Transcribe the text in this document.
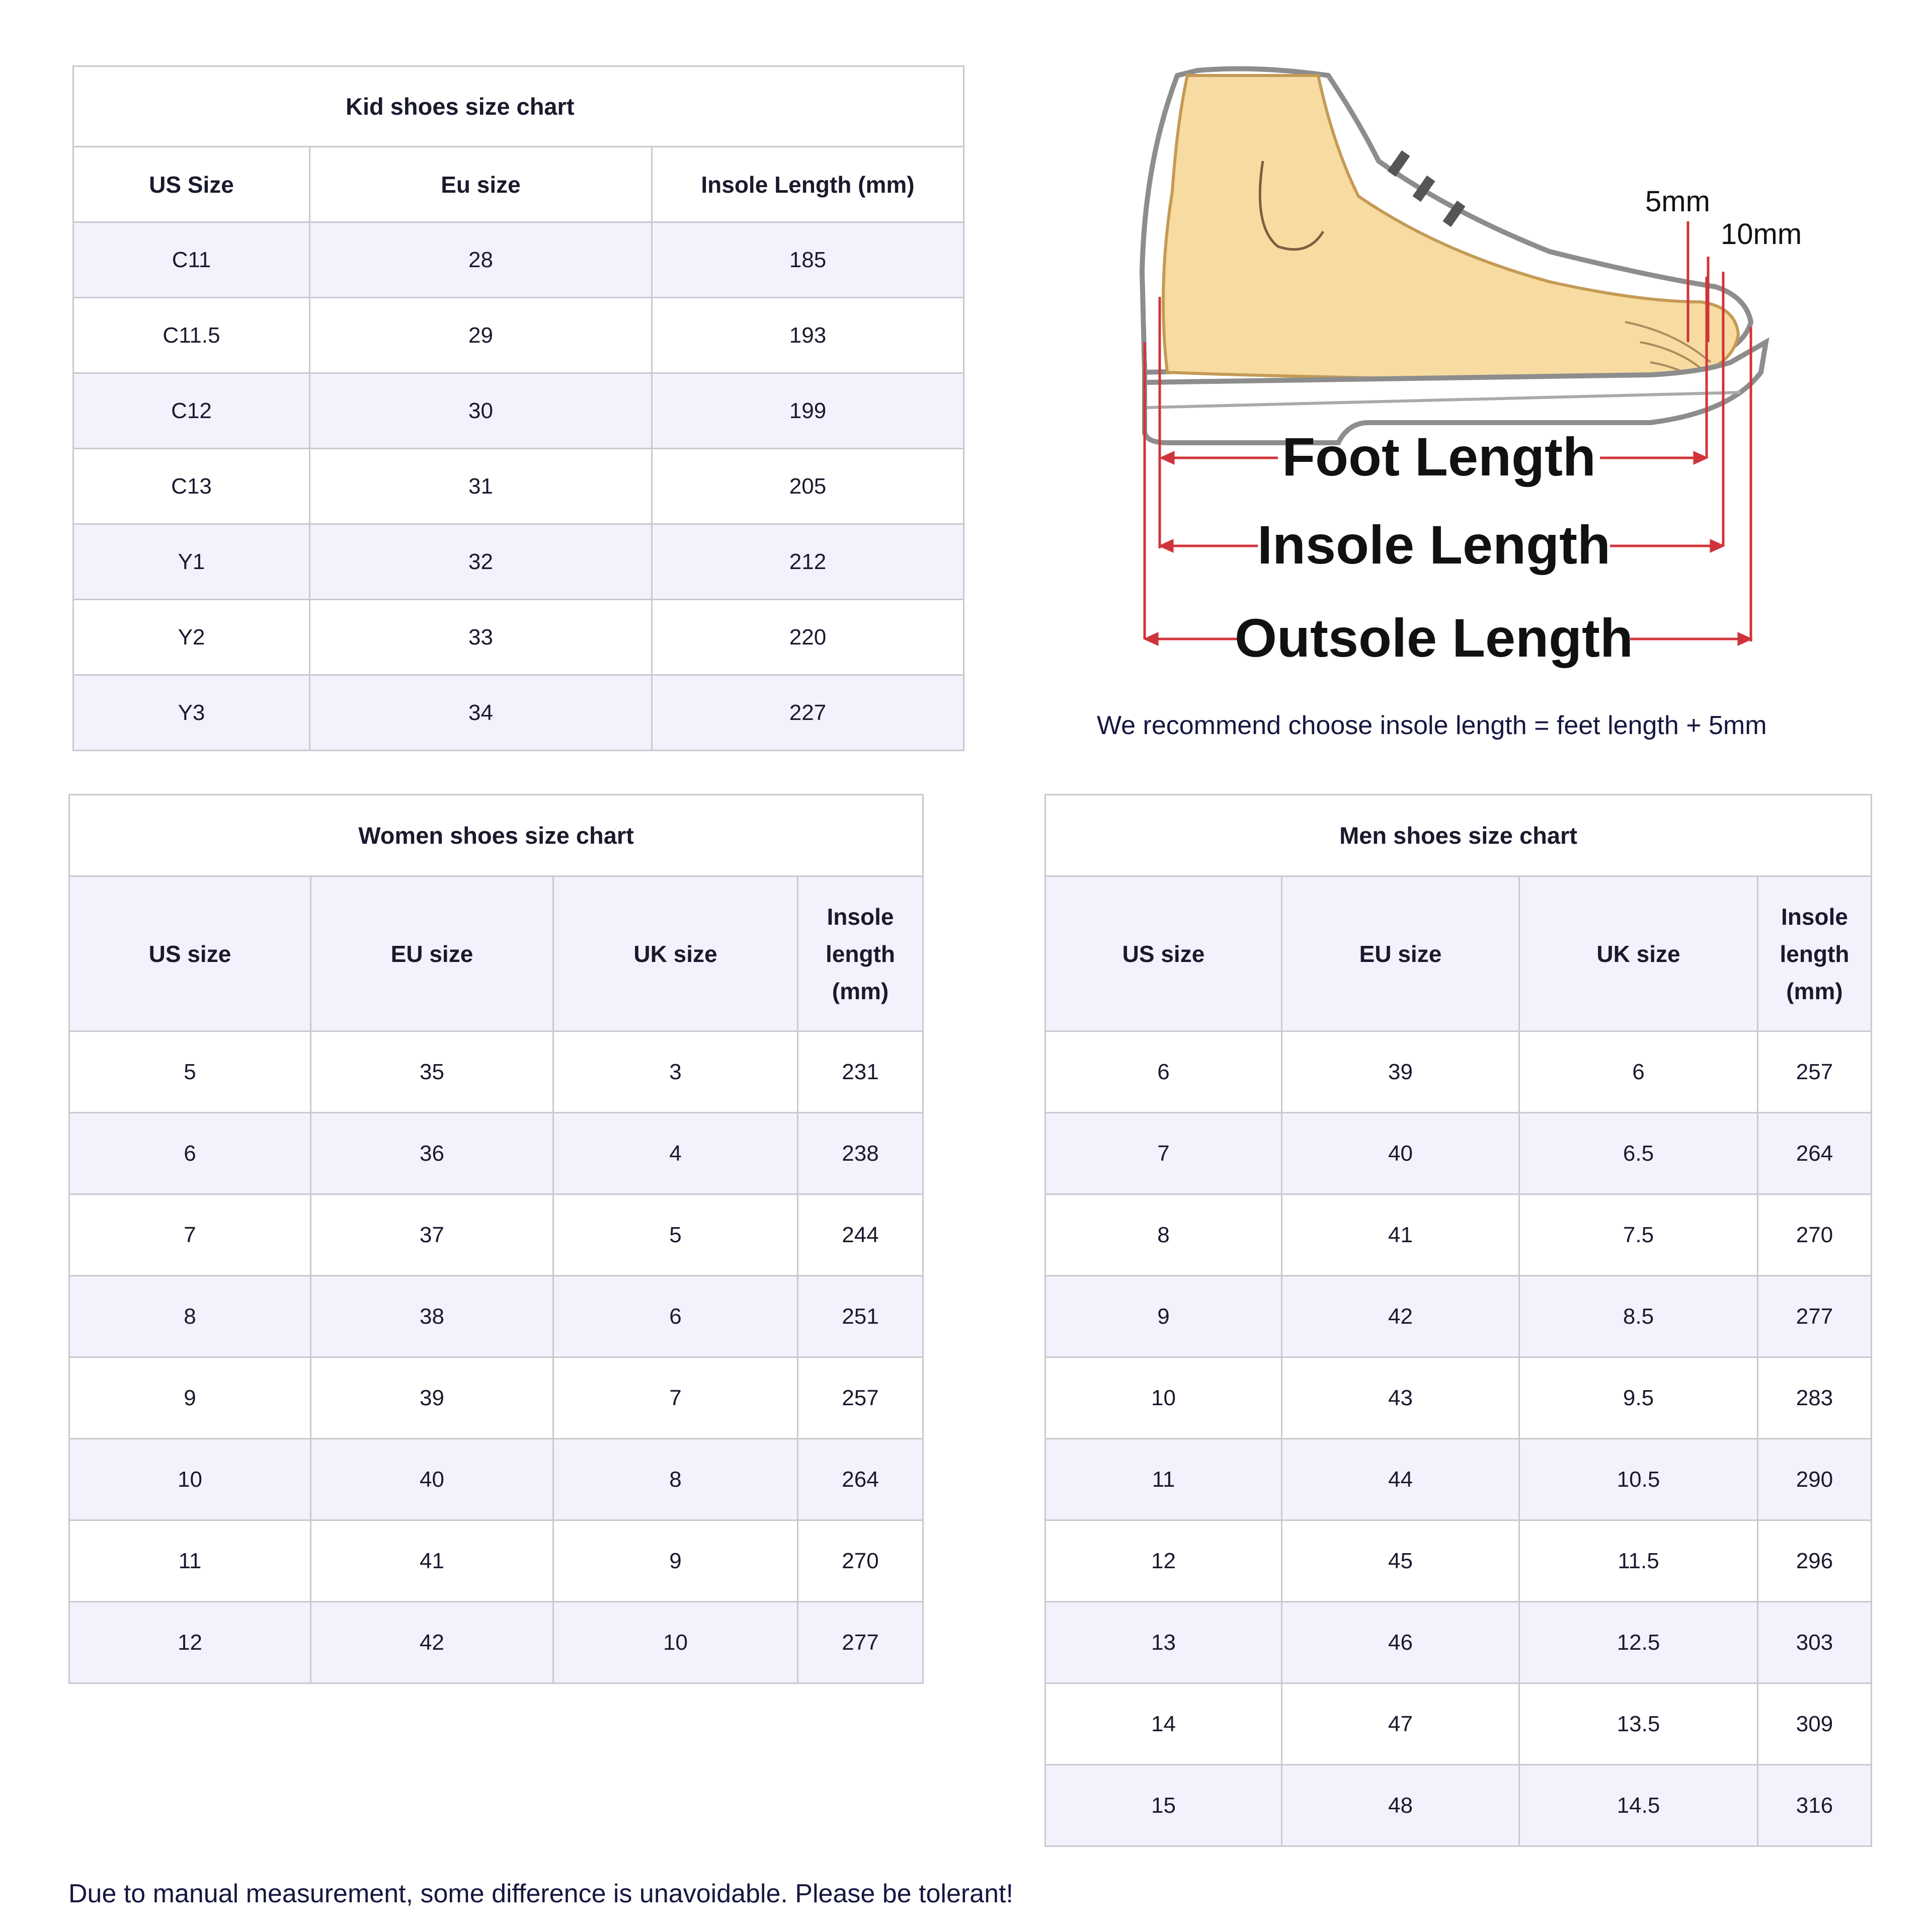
Kid shoes size chart		
US Size	Eu size	Insole Length (mm)
C11	28	185
C11.5	29	193
C12	30	199
C13	31	205
Y1	32	212
Y2	33	220
Y3	34	227
5mm
10mm
Foot Length
Insole Length
Outsole Length
We recommend choose insole length = feet length + 5mm
Women shoes size chart			
US size	EU size	UK size	Insole length (mm)
5	35	3	231
6	36	4	238
7	37	5	244
8	38	6	251
9	39	7	257
10	40	8	264
11	41	9	270
12	42	10	277
Men shoes size chart			
US size	EU size	UK size	Insole length (mm)
6	39	6	257
7	40	6.5	264
8	41	7.5	270
9	42	8.5	277
10	43	9.5	283
11	44	10.5	290
12	45	11.5	296
13	46	12.5	303
14	47	13.5	309
15	48	14.5	316
Due to manual measurement, some difference is unavoidable. Please be tolerant!
